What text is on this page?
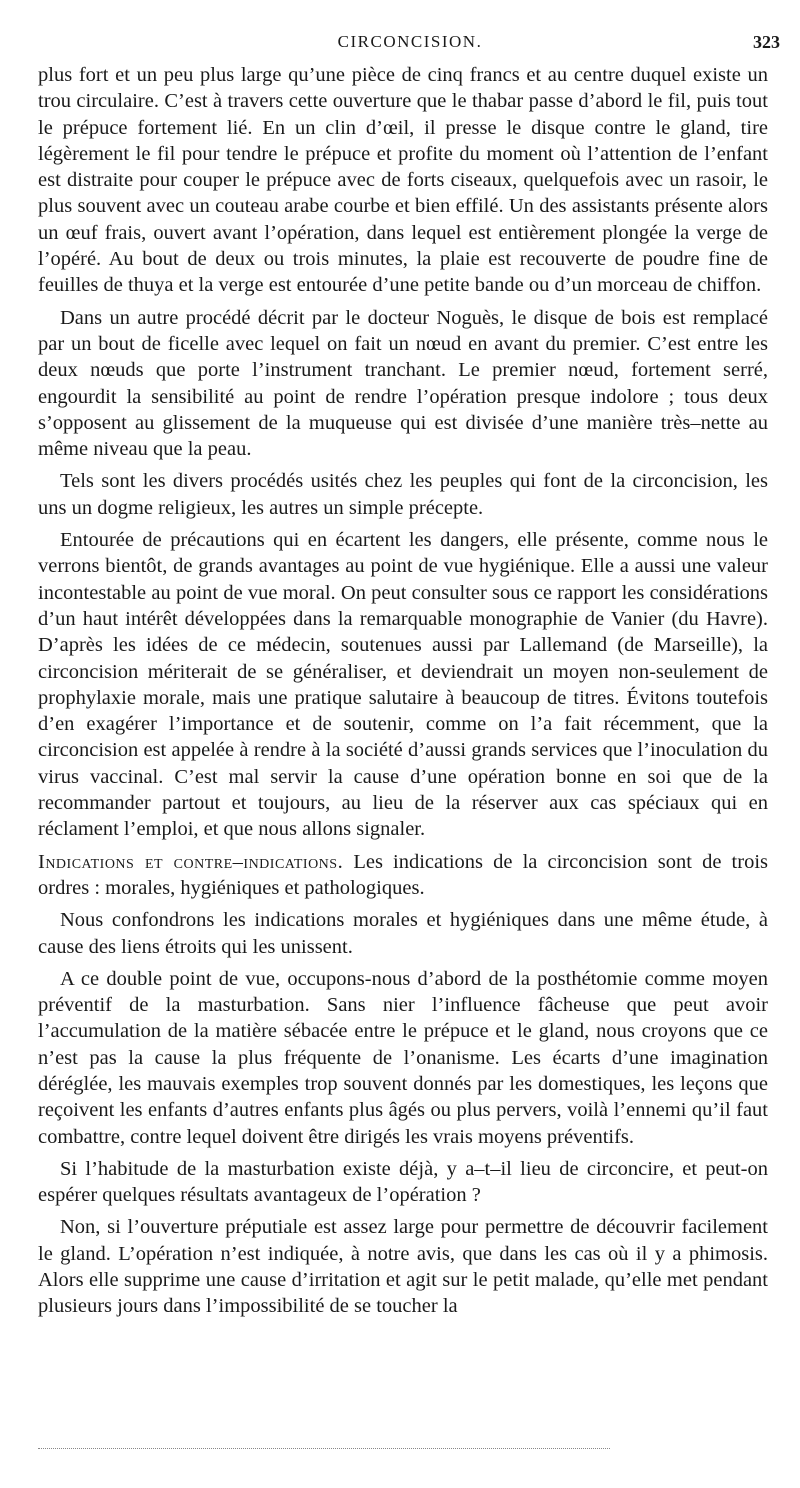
CIRCONCISION.	323

plus fort et un peu plus large qu’une pièce de cinq francs et au centre duquel existe un trou circulaire. C’est à travers cette ouverture que le thabar passe d’abord le fil, puis tout le prépuce fortement lié. En un clin d’œil, il presse le disque contre le gland, tire légèrement le fil pour tendre le prépuce et profite du moment où l’attention de l’enfant est distraite pour couper le prépuce avec de forts ciseaux, quelquefois avec un rasoir, le plus souvent avec un couteau arabe courbe et bien effilé. Un des assistants présente alors un œuf frais, ouvert avant l’opération, dans lequel est entièrement plongée la verge de l’opéré. Au bout de deux ou trois minutes, la plaie est recouverte de poudre fine de feuilles de thuya et la verge est entourée d’une petite bande ou d’un morceau de chiffon.

Dans un autre procédé décrit par le docteur Noguès, le disque de bois est remplacé par un bout de ficelle avec lequel on fait un nœud en avant du premier. C’est entre les deux nœuds que porte l’instrument tranchant. Le premier nœud, fortement serré, engourdit la sensibilité au point de rendre l’opération presque indolore ; tous deux s’opposent au glissement de la muqueuse qui est divisée d’une manière très–nette au même niveau que la peau.

Tels sont les divers procédés usités chez les peuples qui font de la circoncision, les uns un dogme religieux, les autres un simple précepte.

Entourée de précautions qui en écartent les dangers, elle présente, comme nous le verrons bientôt, de grands avantages au point de vue hygiénique. Elle a aussi une valeur incontestable au point de vue moral. On peut consulter sous ce rapport les considérations d’un haut intérêt développées dans la remarquable monographie de Vanier (du Havre). D’après les idées de ce médecin, soutenues aussi par Lallemand (de Marseille), la circoncision mériterait de se généraliser, et deviendrait un moyen non-seulement de prophylaxie morale, mais une pratique salutaire à beaucoup de titres. Évitons toutefois d’en exagérer l’importance et de soutenir, comme on l’a fait récemment, que la circoncision est appelée à rendre à la société d’aussi grands services que l’inoculation du virus vaccinal. C’est mal servir la cause d’une opération bonne en soi que de la recommander partout et toujours, au lieu de la réserver aux cas spéciaux qui en réclament l’emploi, et que nous allons signaler.

Indications et contre–indications. Les indications de la circoncision sont de trois ordres : morales, hygiéniques et pathologiques.

Nous confondrons les indications morales et hygiéniques dans une même étude, à cause des liens étroits qui les unissent.

A ce double point de vue, occupons-nous d’abord de la posthétomie comme moyen préventif de la masturbation. Sans nier l’influence fâcheuse que peut avoir l’accumulation de la matière sébacée entre le prépuce et le gland, nous croyons que ce n’est pas la cause la plus fréquente de l’onanisme. Les écarts d’une imagination déréglée, les mauvais exemples trop souvent donnés par les domestiques, les leçons que reçoivent les enfants d’autres enfants plus âgés ou plus pervers, voilà l’ennemi qu’il faut combattre, contre lequel doivent être dirigés les vrais moyens préventifs.

Si l’habitude de la masturbation existe déjà, y a–t–il lieu de circoncire, et peut-on espérer quelques résultats avantageux de l’opération ?

Non, si l’ouverture préputiale est assez large pour permettre de découvrir facilement le gland. L’opération n’est indiquée, à notre avis, que dans les cas où il y a phimosis. Alors elle supprime une cause d’irritation et agit sur le petit malade, qu’elle met pendant plusieurs jours dans l’impossibilité de se toucher la
